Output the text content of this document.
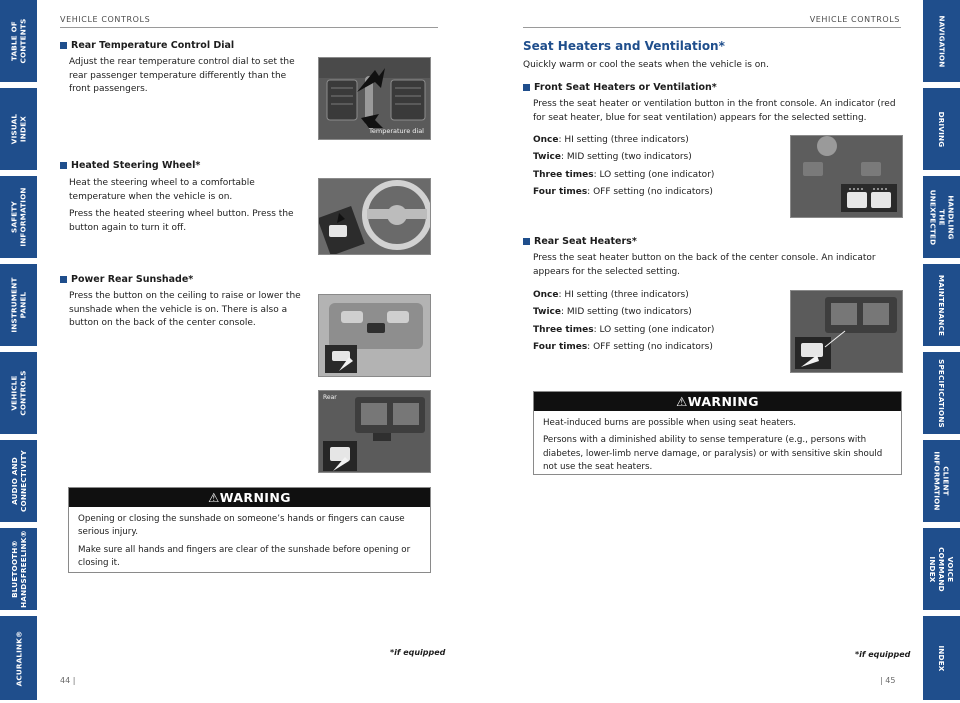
TABLE OF
CONTENTS
VISUAL INDEX
SAFETY
INFORMATION
INSTRUMENT
PANEL
VEHICLE
CONTROLS
AUDIO AND
CONNECTIVITY
BLUETOOTH®
HANDSFREELINK®
ACURALINK®
NAVIGATION
DRIVING
HANDLING THE
UNEXPECTED
MAINTENANCE
SPECIFICATIONS
CLIENT
INFORMATION
VOICE COMMAND
INDEX
INDEX
VEHICLE CONTROLS	VEHICLE CONTROLS
Rear Temperature Control Dial

Adjust the rear temperature control dial to set the rear passenger temperature differently than the front passengers.

Temperature dial
Heated Steering Wheel*

Heat the steering wheel to a comfortable temperature when the vehicle is on.

Press the heated steering wheel button. Press the button again to turn it off.

Power Rear Sunshade*

Press the button on the ceiling to raise or lower the sunshade when the vehicle is on. There is also a button on the back of the center console.

Rear
⚠WARNING

Opening or closing the sunshade on someone’s hands or fingers can cause serious injury.

Make sure all hands and fingers are clear of the sunshade before opening or closing it.

*if equipped
44 |
Seat Heaters and Ventilation*

Quickly warm or cool the seats when the vehicle is on.

Front Seat Heaters or Ventilation*

Press the seat heater or ventilation button in the front console. An indicator (red for seat heater, blue for seat ventilation) appears for the selected setting.

Once: HI setting (three indicators)
Twice: MID setting (two indicators)
Three times: LO setting (one indicator)
Four times: OFF setting (no indicators)
Rear Seat Heaters*

Press the seat heater button on the back of the center console. An indicator appears for the selected setting.

Once: HI setting (three indicators)
Twice: MID setting (two indicators)
Three times: LO setting (one indicator)
Four times: OFF setting (no indicators)
⚠WARNING

Heat-induced burns are possible when using seat heaters.

Persons with a diminished ability to sense temperature (e.g., persons with diabetes, lower-limb nerve damage, or paralysis) or with sensitive skin should not use the seat heaters.

*if equipped
| 45
